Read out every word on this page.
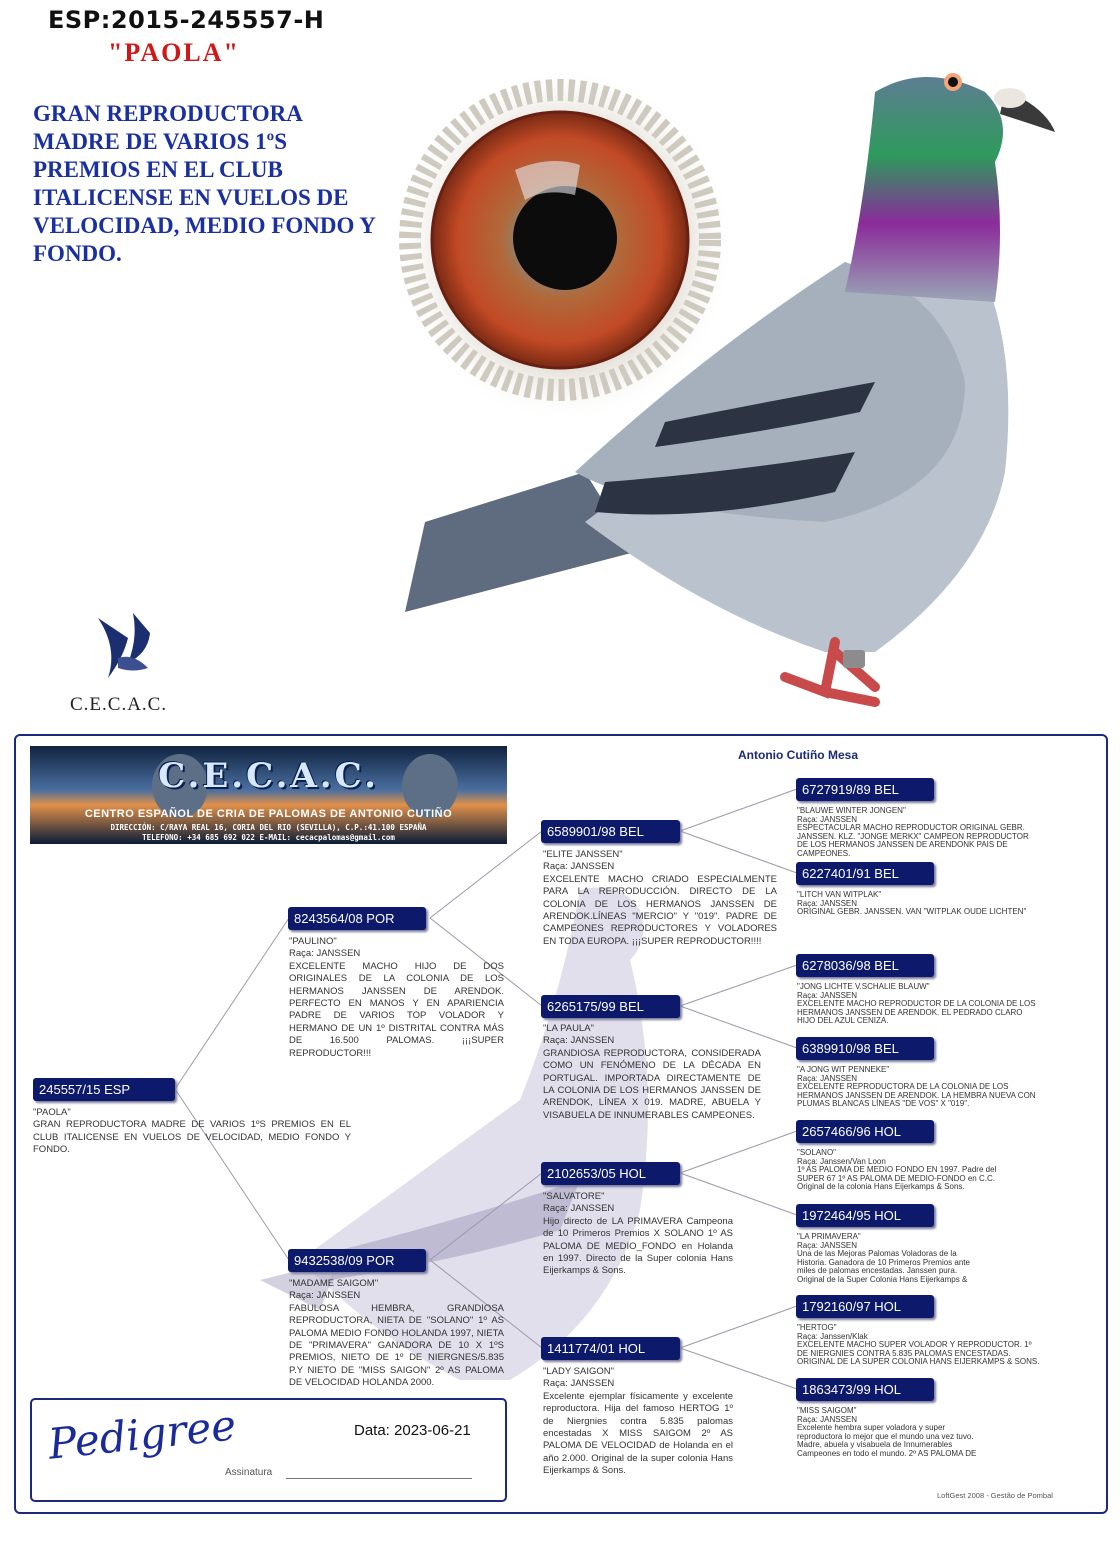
ESP:2015-245557-H
"PAOLA"
GRAN REPRODUCTORA MADRE DE VARIOS 1ºS PREMIOS EN EL CLUB ITALICENSE EN VUELOS DE VELOCIDAD, MEDIO FONDO Y FONDO.
C.E.C.A.C.
C.E.C.A.C.
CENTRO ESPAÑOL DE CRIA DE PALOMAS DE ANTONIO CUTIÑO
DIRECCIÓN: C/RAYA REAL 16, CORIA DEL RIO (SEVILLA), C.P.:41.100 ESPAÑA
TELEFONO: +34 685 692 022 E-MAIL: cecacpalomas@gmail.com
Antonio Cutiño Mesa
245557/15 ESP
"PAOLA"
GRAN REPRODUCTORA MADRE DE VARIOS 1ºS PREMIOS EN EL CLUB ITALICENSE EN VUELOS DE VELOCIDAD, MEDIO FONDO Y FONDO.
8243564/08 POR
"PAULINO"
Raça: JANSSEN
EXCELENTE MACHO HIJO DE DOS ORIGINALES DE LA COLONIA DE LOS HERMANOS JANSSEN DE ARENDOK. PERFECTO EN MANOS Y EN APARIENCIA PADRE DE VARIOS TOP VOLADOR Y HERMANO DE UN 1º DISTRITAL CONTRA MÁS DE 16.500 PALOMAS. ¡¡¡SUPER REPRODUCTOR!!!
9432538/09 POR
"MADAME SAIGOM"
Raça: JANSSEN
FABULOSA HEMBRA, GRANDIOSA REPRODUCTORA, NIETA DE "SOLANO" 1º AS PALOMA MEDIO FONDO HOLANDA 1997, NIETA DE "PRIMAVERA" GANADORA DE 10 X 1ºS PREMIOS, NIETO DE 1º DE NIERGNES/5.835 P.Y NIETO DE "MISS SAIGON" 2º AS PALOMA DE VELOCIDAD HOLANDA 2000.
6589901/98 BEL
"ELITE JANSSEN"
Raça: JANSSEN
EXCELENTE MACHO CRIADO ESPECIALMENTE PARA LA REPRODUCCIÓN. DIRECTO DE LA COLONIA DE LOS HERMANOS JANSSEN DE ARENDOK.LÍNEAS "MERCIO" Y "019". PADRE DE CAMPEONES REPRODUCTORES Y VOLADORES EN TODA EUROPA. ¡¡¡SUPER REPRODUCTOR!!!!
6265175/99 BEL
"LA PAULA"
Raça: JANSSEN
GRANDIOSA REPRODUCTORA, CONSIDERADA COMO UN FENÓMENO DE LA DÉCADA EN PORTUGAL. IMPORTADA DIRECTAMENTE DE LA COLONIA DE LOS HERMANOS JANSSEN DE ARENDOK, LÍNEA X 019. MADRE, ABUELA Y VISABUELA DE INNUMERABLES CAMPEONES.
2102653/05 HOL
"SALVATORE"
Raça: JANSSEN
Hijo directo de LA PRIMAVERA Campeona de 10 Primeros Premios X SOLANO 1º AS PALOMA DE MEDIO_FONDO en Holanda en 1997. Directo de la Super colonia Hans Eijerkamps & Sons.
1411774/01 HOL
"LADY SAIGON"
Raça: JANSSEN
Excelente ejemplar físicamente y excelente reproductora. Hija del famoso HERTOG 1º de Niergnies contra 5.835 palomas encestadas X MISS SAIGOM 2º AS PALOMA DE VELOCIDAD de Holanda en el año 2.000. Original de la super colonia Hans Eijerkamps & Sons.
6727919/89 BEL
"BLAUWE WINTER JONGEN"
Raça: JANSSEN
ESPECTACULAR MACHO REPRODUCTOR ORIGINAL GEBR. JANSSEN. KLZ. "JONGE MERKX" CAMPEON REPRODUCTOR DE LOS HERMANOS JANSSEN DE ARENDONK PAIS DE CAMPEONES.
6227401/91 BEL
"LITCH VAN WITPLAK"
Raça: JANSSEN
ORIGINAL GEBR. JANSSEN. VAN "WITPLAK OUDE LICHTEN"
6278036/98 BEL
"JONG LICHTE V.SCHALIE BLAUW"
Raça: JANSSEN
EXCELENTE MACHO REPRODUCTOR DE LA COLONIA DE LOS HERMANOS JANSSEN DE ARENDOK. EL PEDRADO CLARO HIJO DEL AZUL CENIZA.
6389910/98 BEL
"A JONG WIT PENNEKE"
Raça: JANSSEN
EXCELENTE REPRODUCTORA DE LA COLONIA DE LOS HERMANOS JANSSEN DE ARENDOK. LA HEMBRA NUEVA CON PLUMAS BLANCAS LÍNEAS "DE VOS" X "019".
2657466/96 HOL
"SOLANO"
Raça: Janssen/Van Loon
1º AS PALOMA DE MEDIO FONDO EN 1997. Padre del SUPER 67 1º AS PALOMA DE MEDIO-FONDO en C.C. Original de la colonia Hans Eijerkamps & Sons.
1972464/95 HOL
"LA PRIMAVERA"
Raça: JANSSEN
Una de las Mejoras Palomas Voladoras de la Historia. Ganadora de 10 Primeros Premios ante miles de palomas encestadas. Janssen pura. Original de la Super Colonia Hans Eijerkamps &
1792160/97 HOL
"HERTOG"
Raça: Janssen/Klak
EXCELENTE MACHO SUPER VOLADOR Y REPRODUCTOR. 1º DE NIERGNIES CONTRA 5.835 PALOMAS ENCESTADAS. ORIGINAL DE LA SUPER COLONIA HANS EIJERKAMPS & SONS.
1863473/99 HOL
"MISS SAIGOM"
Raça: JANSSEN
Excelente hembra super voladora y super reproductora lo mejor que el mundo una vez tuvo. Madre, abuela y visabuela de Innumerables Campeones en todo el mundo. 2º AS PALOMA DE
Pedigree	Data: 2023-06-21
Assinatura
LoftGest 2008 - Gestão de Pombal
